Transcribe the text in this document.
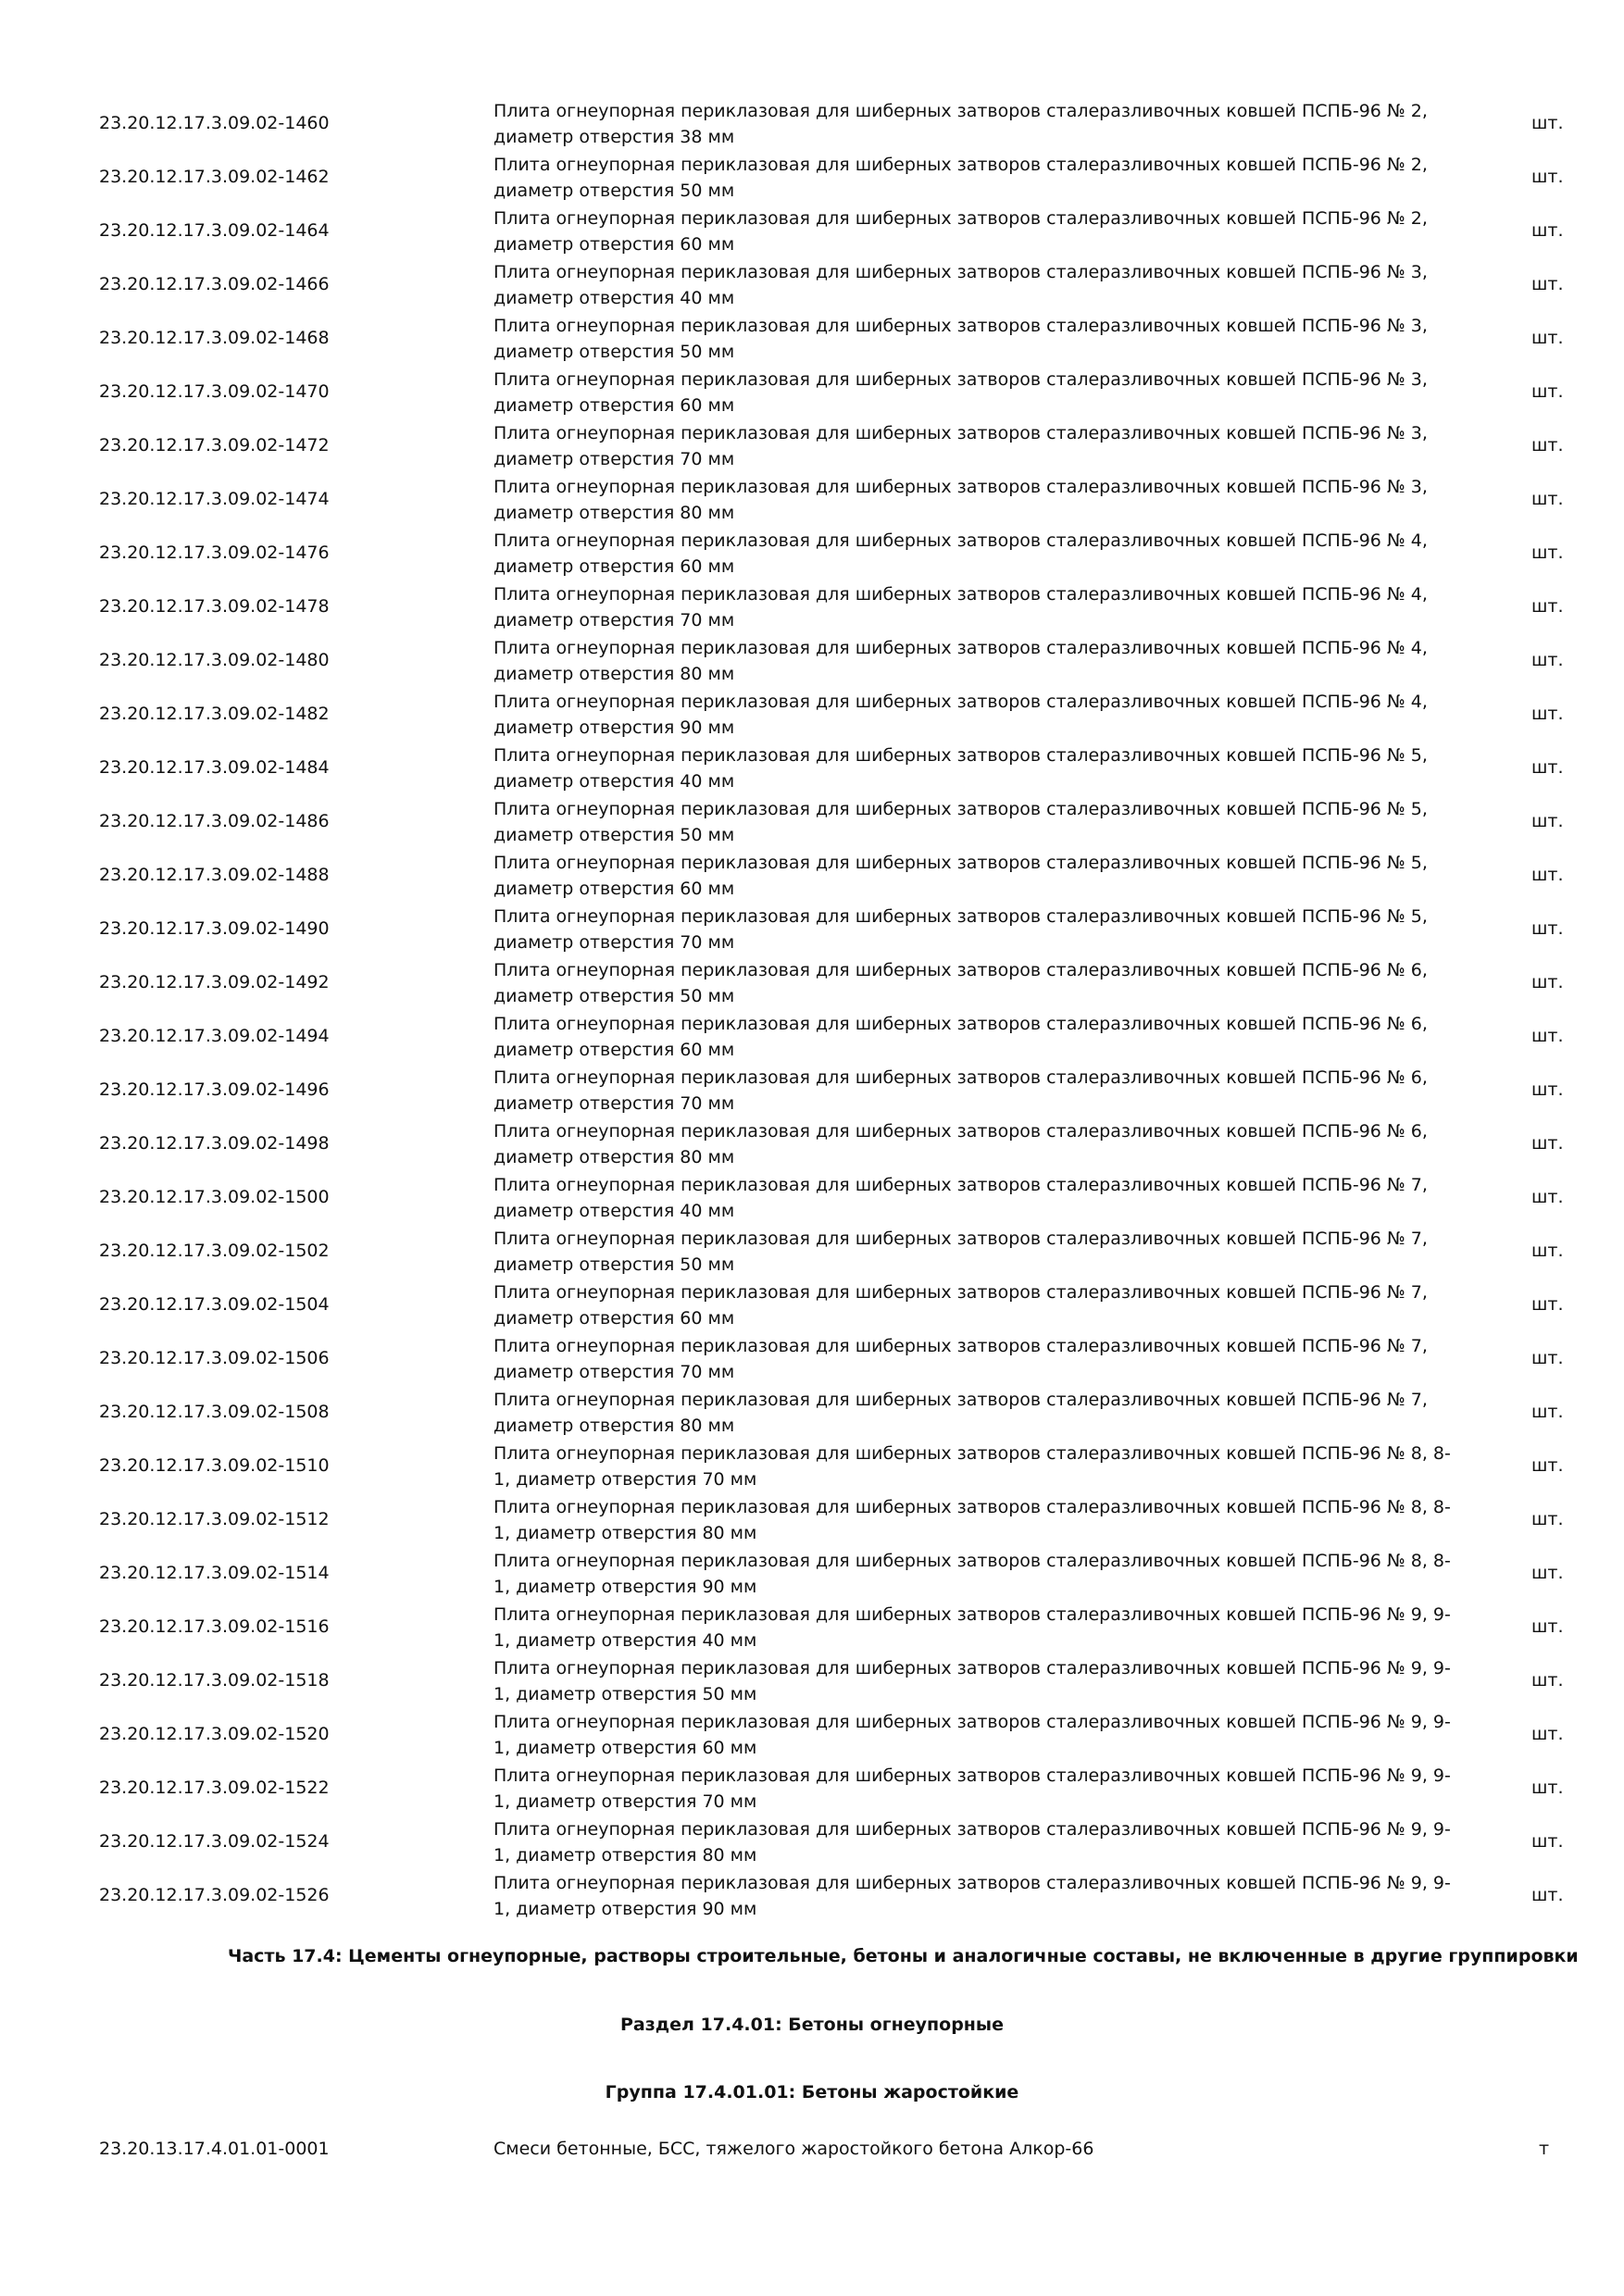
23.20.12.17.3.09.02-1460
Плита огнеупорная периклазовая для шиберных затворов сталеразливочных ковшей ПСПБ-96 № 2,
диаметр отверстия 38 мм
шт.
23.20.12.17.3.09.02-1462
Плита огнеупорная периклазовая для шиберных затворов сталеразливочных ковшей ПСПБ-96 № 2,
диаметр отверстия 50 мм
шт.
23.20.12.17.3.09.02-1464
Плита огнеупорная периклазовая для шиберных затворов сталеразливочных ковшей ПСПБ-96 № 2,
диаметр отверстия 60 мм
шт.
23.20.12.17.3.09.02-1466
Плита огнеупорная периклазовая для шиберных затворов сталеразливочных ковшей ПСПБ-96 № 3,
диаметр отверстия 40 мм
шт.
23.20.12.17.3.09.02-1468
Плита огнеупорная периклазовая для шиберных затворов сталеразливочных ковшей ПСПБ-96 № 3,
диаметр отверстия 50 мм
шт.
23.20.12.17.3.09.02-1470
Плита огнеупорная периклазовая для шиберных затворов сталеразливочных ковшей ПСПБ-96 № 3,
диаметр отверстия 60 мм
шт.
23.20.12.17.3.09.02-1472
Плита огнеупорная периклазовая для шиберных затворов сталеразливочных ковшей ПСПБ-96 № 3,
диаметр отверстия 70 мм
шт.
23.20.12.17.3.09.02-1474
Плита огнеупорная периклазовая для шиберных затворов сталеразливочных ковшей ПСПБ-96 № 3,
диаметр отверстия 80 мм
шт.
23.20.12.17.3.09.02-1476
Плита огнеупорная периклазовая для шиберных затворов сталеразливочных ковшей ПСПБ-96 № 4,
диаметр отверстия 60 мм
шт.
23.20.12.17.3.09.02-1478
Плита огнеупорная периклазовая для шиберных затворов сталеразливочных ковшей ПСПБ-96 № 4,
диаметр отверстия 70 мм
шт.
23.20.12.17.3.09.02-1480
Плита огнеупорная периклазовая для шиберных затворов сталеразливочных ковшей ПСПБ-96 № 4,
диаметр отверстия 80 мм
шт.
23.20.12.17.3.09.02-1482
Плита огнеупорная периклазовая для шиберных затворов сталеразливочных ковшей ПСПБ-96 № 4,
диаметр отверстия 90 мм
шт.
23.20.12.17.3.09.02-1484
Плита огнеупорная периклазовая для шиберных затворов сталеразливочных ковшей ПСПБ-96 № 5,
диаметр отверстия 40 мм
шт.
23.20.12.17.3.09.02-1486
Плита огнеупорная периклазовая для шиберных затворов сталеразливочных ковшей ПСПБ-96 № 5,
диаметр отверстия 50 мм
шт.
23.20.12.17.3.09.02-1488
Плита огнеупорная периклазовая для шиберных затворов сталеразливочных ковшей ПСПБ-96 № 5,
диаметр отверстия 60 мм
шт.
23.20.12.17.3.09.02-1490
Плита огнеупорная периклазовая для шиберных затворов сталеразливочных ковшей ПСПБ-96 № 5,
диаметр отверстия 70 мм
шт.
23.20.12.17.3.09.02-1492
Плита огнеупорная периклазовая для шиберных затворов сталеразливочных ковшей ПСПБ-96 № 6,
диаметр отверстия 50 мм
шт.
23.20.12.17.3.09.02-1494
Плита огнеупорная периклазовая для шиберных затворов сталеразливочных ковшей ПСПБ-96 № 6,
диаметр отверстия 60 мм
шт.
23.20.12.17.3.09.02-1496
Плита огнеупорная периклазовая для шиберных затворов сталеразливочных ковшей ПСПБ-96 № 6,
диаметр отверстия 70 мм
шт.
23.20.12.17.3.09.02-1498
Плита огнеупорная периклазовая для шиберных затворов сталеразливочных ковшей ПСПБ-96 № 6,
диаметр отверстия 80 мм
шт.
23.20.12.17.3.09.02-1500
Плита огнеупорная периклазовая для шиберных затворов сталеразливочных ковшей ПСПБ-96 № 7,
диаметр отверстия 40 мм
шт.
23.20.12.17.3.09.02-1502
Плита огнеупорная периклазовая для шиберных затворов сталеразливочных ковшей ПСПБ-96 № 7,
диаметр отверстия 50 мм
шт.
23.20.12.17.3.09.02-1504
Плита огнеупорная периклазовая для шиберных затворов сталеразливочных ковшей ПСПБ-96 № 7,
диаметр отверстия 60 мм
шт.
23.20.12.17.3.09.02-1506
Плита огнеупорная периклазовая для шиберных затворов сталеразливочных ковшей ПСПБ-96 № 7,
диаметр отверстия 70 мм
шт.
23.20.12.17.3.09.02-1508
Плита огнеупорная периклазовая для шиберных затворов сталеразливочных ковшей ПСПБ-96 № 7,
диаметр отверстия 80 мм
шт.
23.20.12.17.3.09.02-1510
Плита огнеупорная периклазовая для шиберных затворов сталеразливочных ковшей ПСПБ-96 № 8, 8-
1, диаметр отверстия 70 мм
шт.
23.20.12.17.3.09.02-1512
Плита огнеупорная периклазовая для шиберных затворов сталеразливочных ковшей ПСПБ-96 № 8, 8-
1, диаметр отверстия 80 мм
шт.
23.20.12.17.3.09.02-1514
Плита огнеупорная периклазовая для шиберных затворов сталеразливочных ковшей ПСПБ-96 № 8, 8-
1, диаметр отверстия 90 мм
шт.
23.20.12.17.3.09.02-1516
Плита огнеупорная периклазовая для шиберных затворов сталеразливочных ковшей ПСПБ-96 № 9, 9-
1, диаметр отверстия 40 мм
шт.
23.20.12.17.3.09.02-1518
Плита огнеупорная периклазовая для шиберных затворов сталеразливочных ковшей ПСПБ-96 № 9, 9-
1, диаметр отверстия 50 мм
шт.
23.20.12.17.3.09.02-1520
Плита огнеупорная периклазовая для шиберных затворов сталеразливочных ковшей ПСПБ-96 № 9, 9-
1, диаметр отверстия 60 мм
шт.
23.20.12.17.3.09.02-1522
Плита огнеупорная периклазовая для шиберных затворов сталеразливочных ковшей ПСПБ-96 № 9, 9-
1, диаметр отверстия 70 мм
шт.
23.20.12.17.3.09.02-1524
Плита огнеупорная периклазовая для шиберных затворов сталеразливочных ковшей ПСПБ-96 № 9, 9-
1, диаметр отверстия 80 мм
шт.
23.20.12.17.3.09.02-1526
Плита огнеупорная периклазовая для шиберных затворов сталеразливочных ковшей ПСПБ-96 № 9, 9-
1, диаметр отверстия 90 мм
шт.
Часть 17.4: Цементы огнеупорные, растворы строительные, бетоны и аналогичные составы, не включенные в другие группировки
Раздел 17.4.01: Бетоны огнеупорные
Группа 17.4.01.01: Бетоны жаростойкие
23.20.13.17.4.01.01-0001	Смеси бетонные, БСС, тяжелого жаростойкого бетона Алкор-66	т
